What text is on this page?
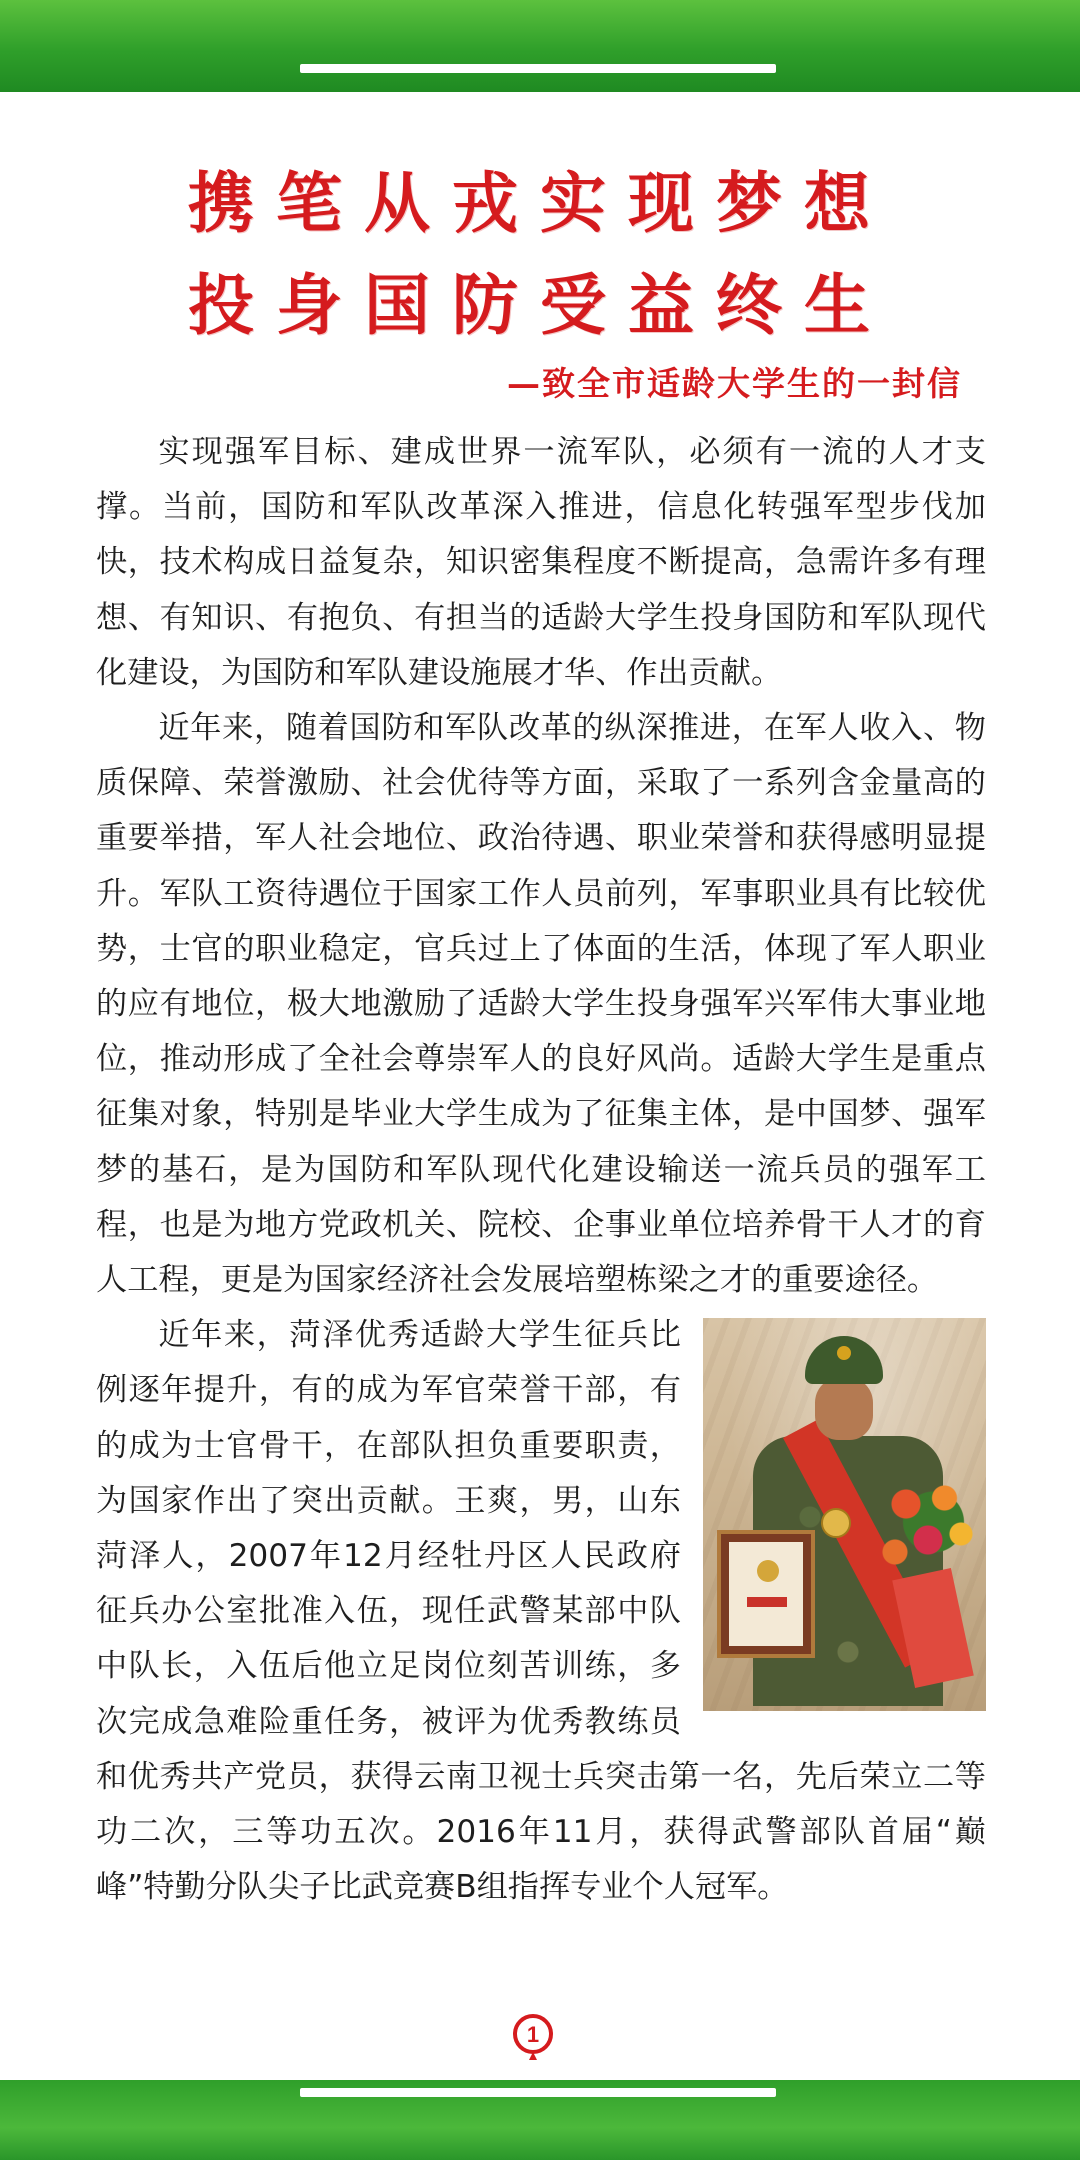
携笔从戎实现梦想
投身国防受益终生
—致全市适龄大学生的一封信

实现强军目标、建成世界一流军队，必须有一流的人才支撑。当前，国防和军队改革深入推进，信息化转强军型步伐加快，技术构成日益复杂，知识密集程度不断提高，急需许多有理想、有知识、有抱负、有担当的适龄大学生投身国防和军队现代化建设，为国防和军队建设施展才华、作出贡献。

近年来，随着国防和军队改革的纵深推进，在军人收入、物质保障、荣誉激励、社会优待等方面，采取了一系列含金量高的重要举措，军人社会地位、政治待遇、职业荣誉和获得感明显提升。军队工资待遇位于国家工作人员前列，军事职业具有比较优势，士官的职业稳定，官兵过上了体面的生活，体现了军人职业的应有地位，极大地激励了适龄大学生投身强军兴军伟大事业地位，推动形成了全社会尊崇军人的良好风尚。适龄大学生是重点征集对象，特别是毕业大学生成为了征集主体，是中国梦、强军梦的基石，是为国防和军队现代化建设输送一流兵员的强军工程，也是为地方党政机关、院校、企事业单位培养骨干人才的育人工程，更是为国家经济社会发展培塑栋梁之才的重要途径。

近年来，菏泽优秀适龄大学生征兵比例逐年提升，有的成为军官荣誉干部，有的成为士官骨干，在部队担负重要职责，为国家作出了突出贡献。王爽，男，山东菏泽人，2007年12月经牡丹区人民政府征兵办公室批准入伍，现任武警某部中队中队长，入伍后他立足岗位刻苦训练，多次完成急难险重任务，被评为优秀教练员和优秀共产党员，获得云南卫视士兵突击第一名，先后荣立二等功二次，三等功五次。2016年11月，获得武警部队首届“巅峰”特勤分队尖子比武竞赛B组指挥专业个人冠军。

1
